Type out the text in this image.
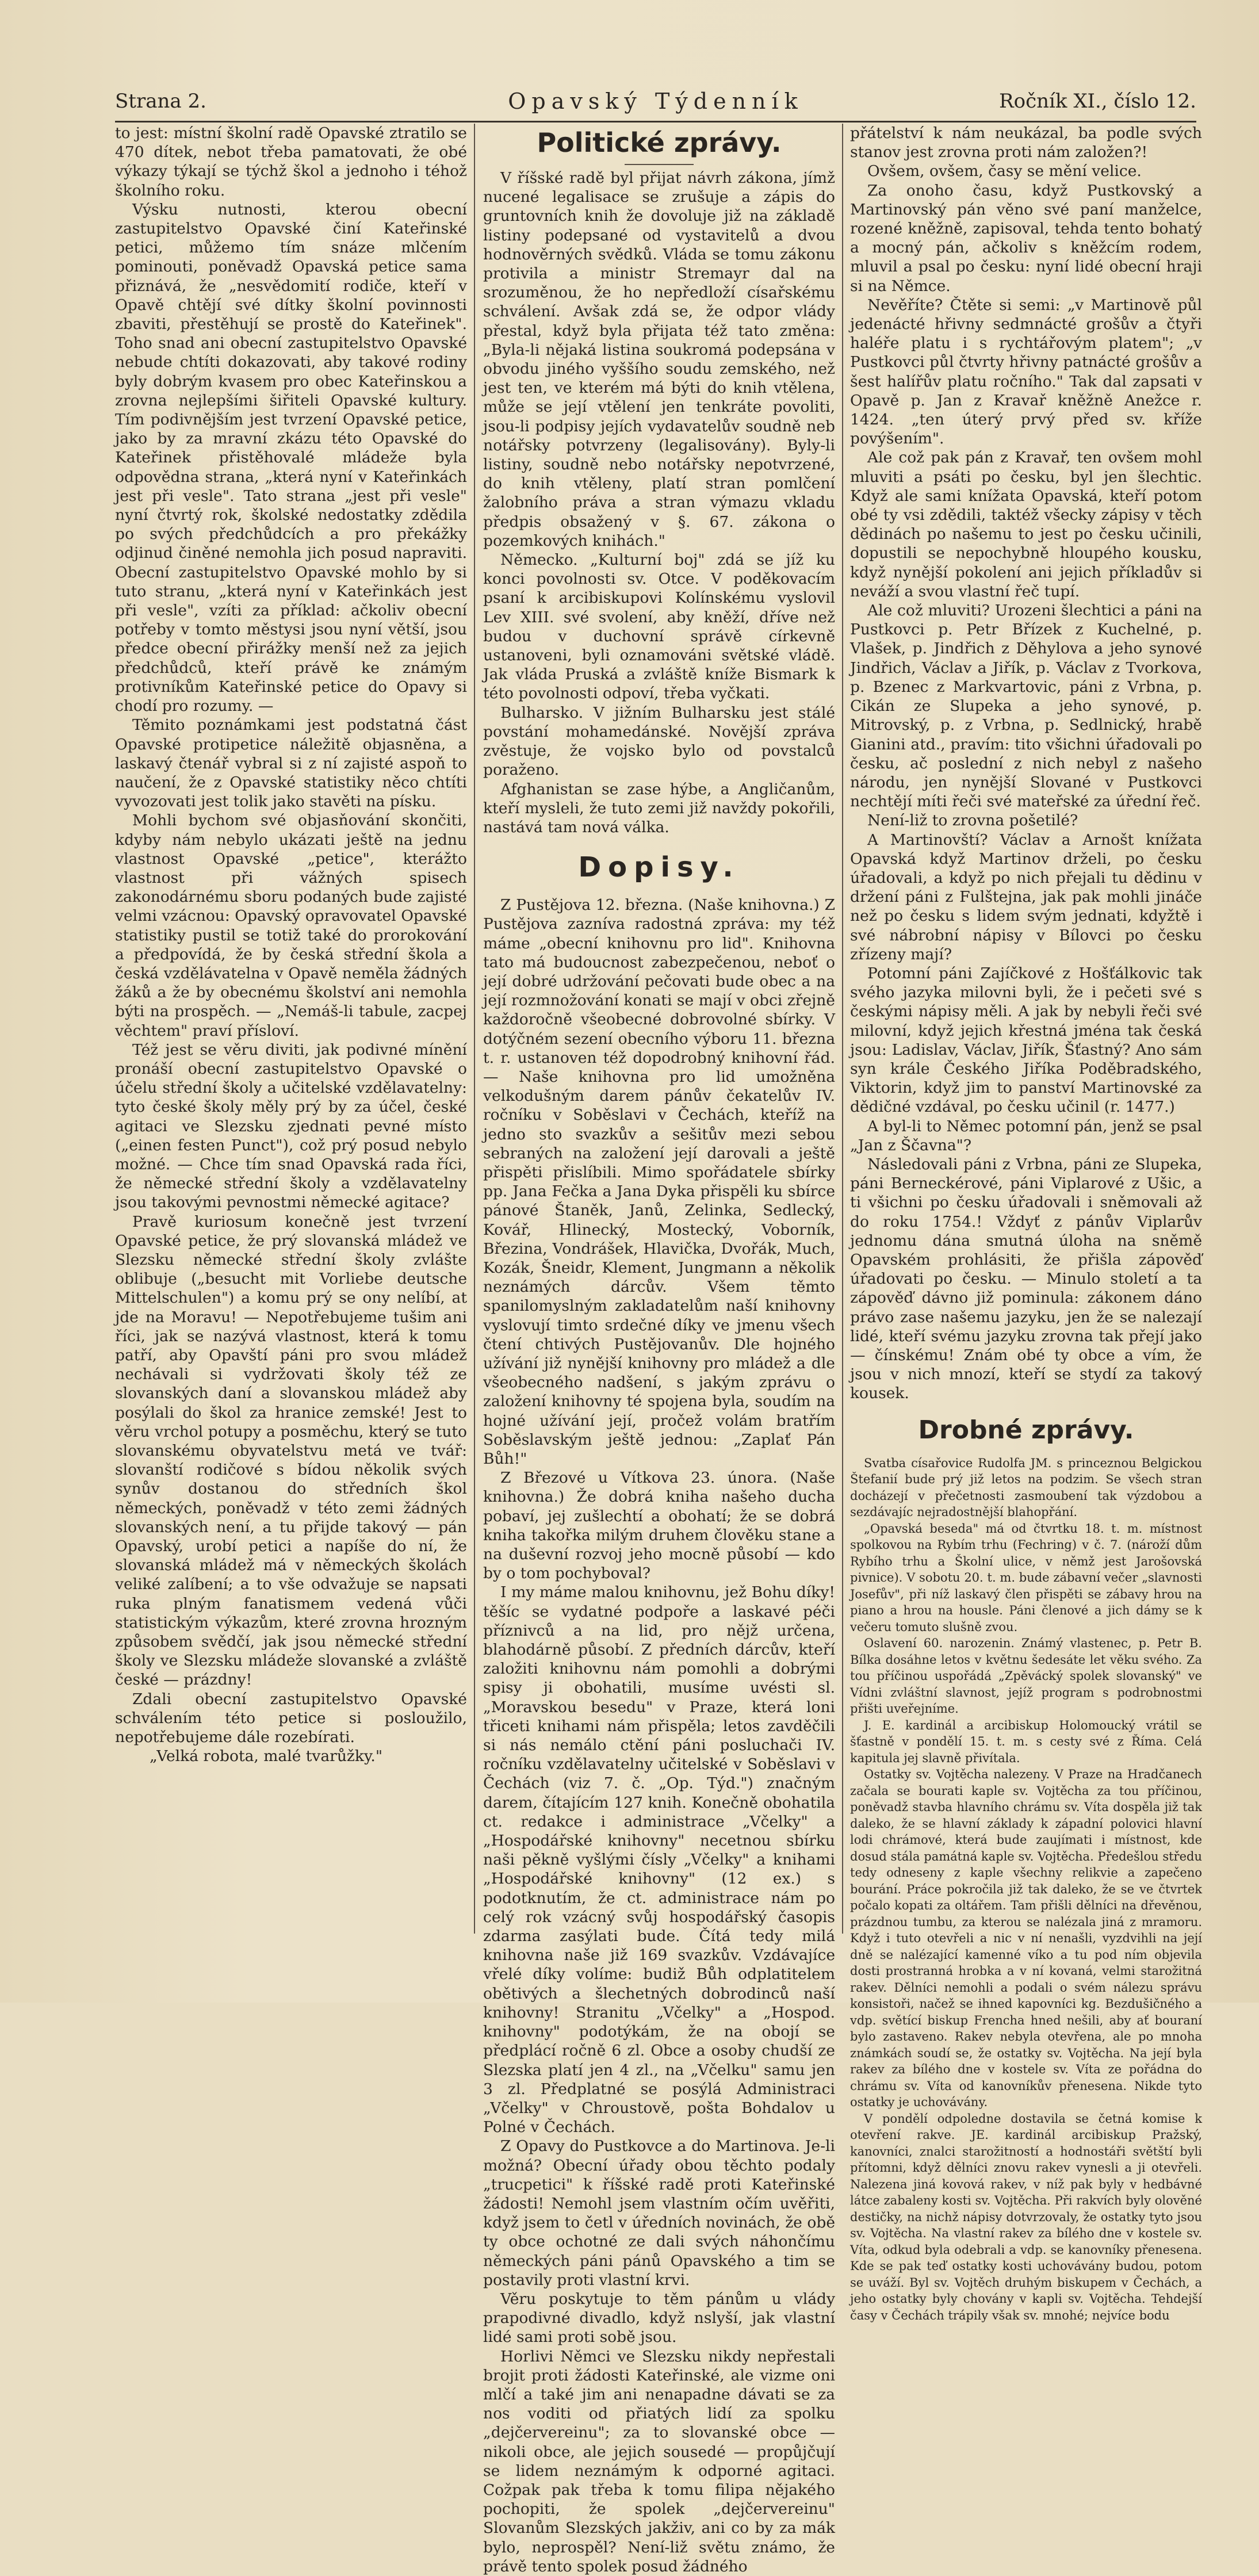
Strana 2.	Opavský Týdenník	Ročník XI., číslo 12.

to jest: místní školní radě Opavské ztratilo se 470 dítek, nebot třeba pamatovati, že obé výkazy týkají se týchž škol a jednoho i téhož školního roku.

Výsku nutnosti, kterou obecní zastupitelstvo Opavské činí Kateřinské petici, můžemo tím snáze mlčením pominouti, poněvadž Opavská petice sama přiznává, že „nesvědomití rodiče, kteří v Opavě chtějí své dítky školní povinnosti zbaviti, přestěhují se prostě do Kateřinek". Toho snad ani obecní zastupitelstvo Opavské nebude chtíti dokazovati, aby takové rodiny byly dobrým kvasem pro obec Kateřinskou a zrovna nejlepšími šiřiteli Opavské kultury. Tím podivnějším jest tvrzení Opavské petice, jako by za mravní zkázu této Opavské do Kateřinek přistěhovalé mládeže byla odpovědna strana, „která nyní v Kateřinkách jest při vesle". Tato strana „jest při vesle" nyní čtvrtý rok, školské nedostatky zdědila po svých předchůdcích a pro překážky odjinud činěné nemohla jich posud napraviti. Obecní zastupitelstvo Opavské mohlo by si tuto stranu, „která nyní v Kateřinkách jest při vesle", vzíti za příklad: ačkoliv obecní potřeby v tomto městysi jsou nyní větší, jsou předce obecní přirážky menší než za jejich předchůdců, kteří právě ke známým protivníkům Kateřinské petice do Opavy si chodí pro rozumy. —

Těmito poznámkami jest podstatná část Opavské protipetice náležitě objasněna, a laskavý čtenář vybral si z ní zajisté aspoň to naučení, že z Opavské statistiky něco chtíti vyvozovati jest tolik jako stavěti na písku.

Mohli bychom své objasňování skončiti, kdyby nám nebylo ukázati ještě na jednu vlastnost Opavské „petice", kterážto vlastnost při vážných spisech zakonodárnému sboru podaných bude zajisté velmi vzácnou: Opavský opravovatel Opavské statistiky pustil se totiž také do prorokování a předpovídá, že by česká střední škola a česká vzdělávatelna v Opavě neměla žádných žáků a že by obecnému školství ani nemohla býti na prospěch. — „Nemáš-li tabule, zacpej věchtem" praví přísloví.

Též jest se věru diviti, jak podivné mínění pronáší obecní zastupitelstvo Opavské o účelu střední školy a učitelské vzdělavatelny: tyto české školy měly prý by za účel, české agitaci ve Slezsku zjednati pevné místo („einen festen Punct"), což prý posud nebylo možné. — Chce tím snad Opavská rada říci, že německé střední školy a vzdělavatelny jsou takovými pevnostmi německé agitace?

Pravě kuriosum konečně jest tvrzení Opavské petice, že prý slovanská mládež ve Slezsku německé střední školy zvlášte oblibuje („besucht mit Vorliebe deutsche Mittelschulen") a komu prý se ony nelíbí, at jde na Moravu! — Nepotřebujeme tušim ani říci, jak se nazývá vlastnost, která k tomu patří, aby Opavští páni pro svou mládež nechávali si vydržovati školy též ze slovanských daní a slovanskou mládež aby posýlali do škol za hranice zemské! Jest to věru vrchol potupy a posměchu, který se tuto slovanskému obyvatelstvu metá ve tvář: slovanští rodičové s bídou několik svých synův dostanou do středních škol německých, poněvadž v této zemi žádných slovanských není, a tu přijde takový — pán Opavský, urobí petici a napíše do ní, že slovanská mládež má v německých školách veliké zalíbení; a to vše odvažuje se napsati ruka plným fanatismem vedená vůči statistickým výkazům, které zrovna hrozným způsobem svědčí, jak jsou německé střední školy ve Slezsku mládeže slovanské a zvláště české — prázdny!

Zdali obecní zastupitelstvo Opavské schválením této petice si posloužilo, nepotřebujeme dále rozebírati.

„Velká robota, malé tvarůžky."

Politické zprávy.

V říšské radě byl přijat návrh zákona, jímž nucené legalisace se zrušuje a zápis do gruntovních knih že dovoluje již na základě listiny podepsané od vystavitelů a dvou hodnověrných svědků. Vláda se tomu zákonu protivila a ministr Stremayr dal na srozuměnou, že ho nepředloží císařskému schválení. Avšak zdá se, že odpor vlády přestal, když byla přijata též tato změna: „Byla-li nějaká listina soukromá podepsána v obvodu jiného vyššího soudu zemského, než jest ten, ve kterém má býti do knih vtělena, může se její vtělení jen tenkráte povoliti, jsou-li podpisy jejích vydavatelův soudně neb notářsky potvrzeny (legalisovány). Byly-li listiny, soudně nebo notářsky nepotvrzené, do knih vtěleny, platí stran pomlčení žalobního práva a stran výmazu vkladu předpis obsažený v §. 67. zákona o pozemkových knihách."

Německo. „Kulturní boj" zdá se jíž ku konci povolnosti sv. Otce. V poděkovacím psaní k arcibiskupovi Kolínskému vyslovil Lev XIII. své svolení, aby kněží, dříve než budou v duchovní správě církevně ustanoveni, byli oznamováni světské vládě. Jak vláda Pruská a zvláště kníže Bismark k této povolnosti odpoví, třeba vyčkati.

Bulharsko. V jižním Bulharsku jest stálé povstání mohamedánské. Novější zprávа zvěstuje, že vojsko bylo od povstalců poraženo.

Afghanistan se zase hýbe, a Angličanům, kteří mysleli, že tuto zemi již navždy pokořili, nastává tam nová válka.

Dopisy.

Z Pustějova 12. března. (Naše knihovna.) Z Pustějova zazníva radostná zpráva: my též máme „obecní knihovnu pro lid". Knihovna tato má budoucnost zabezpečenou, neboť o její dobré udržování pečovati bude obec a na její rozmnožování konati se mají v obci zřejně každoročně všeobecné dobrovolné sbírky. V dotýčném sezení obecního výboru 11. března t. r. ustanoven též dopodrobný knihovní řád. — Naše knihovna pro lid umožněna velkodušným darem pánův čekatelův IV. ročníku v Soběslavi v Čechách, kteříž na jedno sto svazkův a sešitův mezi sebou sebraných na založení její darovali a ještě přispěti přislíbili. Mimo spořádatele sbírky pp. Jana Fečka a Jana Dyka přispěli ku sbírce pánové Štaněk, Janů, Zelinka, Sedlecký, Kovář, Hlinecký, Mostecký, Voborník, Březina, Vondrášek, Hlavička, Dvořák, Much, Kozák, Šneidr, Klement, Jungmann a několik neznámých dárcův. Všem těmto spanilomyslným zakladatelům naší knihovny vyslovují timto srdečné díky ve jmenu všech čtení chtivých Pustějovanův. Dle hojného užívání již nynější knihovny pro mládež a dle všeobecného nadšení, s jakým zprávu o založení knihovny té spojena byla, soudím na hojné užívání její, pročež volám bratřím Soběslavským ještě jednou: „Zaplať Pán Bůh!"

Z Březové u Vítkova 23. února. (Naše knihovna.) Že dobrá kniha našeho ducha pobaví, jej zušlechtí a obohatí; že se dobrá kniha takořka milým druhem člověku stane a na duševní rozvoj jeho mocně působí — kdo by o tom pochyboval?

I my máme malou knihovnu, jež Bohu díky! těšíc se vydatné podpoře a laskavé péči příznivců a na lid, pro nějž určena, blahodárně působí. Z předních dárcův, kteří založiti knihovnu nám pomohli a dobrými spisy ji obohatili, musíme uvésti sl. „Moravskou besedu" v Praze, která loni třiceti knihami nám přispěla; letos zavděčili si nás nemálo ctění páni posluchači IV. ročníku vzdělavatelny učitelské v Soběslavi v Čechách (viz 7. č. „Op. Týd.") značným darem, čítajícím 127 knih. Konečně obohatila ct. redakce i administrace „Včelky" a „Hospodářské knihovny" necetnou sbírku naši pěkně vyšlými čísly „Včelky" a knihami „Hospodářské knihovny" (12 ex.) s podotknutím, že ct. administrace nám po celý rok vzácný svůj hospodářský časopis zdarma zasýlati bude. Čítá tedy milá knihovna naše již 169 svazkův. Vzdávajíce vřelé díky volíme: budiž Bůh odplatitelem obětivých a šlechetných dobrodinců naší knihovny! Stranitu „Včelky" a „Hospod. knihovny" podotýkám, že na obojí se předplácí ročně 6 zl. Obce a osoby chudší ze Slezska platí jen 4 zl., na „Včelku" samu jen 3 zl. Předplatné se posýlá Administraci „Včelky" v Chroustově, pošta Bohdalov u Polné v Čechách.

Z Opavy do Pustkovce a do Martinova. Je-li možná? Obecní úřady obou těchto podaly „trucpetici" k říšské radě proti Kateřinské žádosti! Nemohl jsem vlastním očím uvěřiti, když jsem to četl v úředních novinách, že obě ty obce ochotné ze dali svých náhončímu německých páni pánů Opavského a tim se postavily proti vlastní krvi.

Věru poskytuje to těm pánům u vlády prapodivné divadlo, když nslyší, jak vlastní lidé sami proti sobě jsou.

Horlivi Němci ve Slezsku nikdy nepřestali brojit proti žádosti Kateřinské, ale vizme oni mlčí a také jim ani nenapadne dávati se za nos voditi od přiatých lidí za spolku „dejčervereinu"; za to slovanské obce — nikoli obce, ale jejich sousedé — propůjčují se lidem neznámým k odporné agitaci. Cožpak pak třeba k tomu filipa nějakého pochopiti, že spolek „dejčervereinu" Slovanům Slezských jakživ, ani co by za mák bylo, neprospěl? Není-liž světu známo, že právě tento spolek posud žádného

přátelství k nám neukázal, ba podle svých stanov jest zrovna proti nám založen?!

Ovšem, ovšem, časy se mění velice.

Za onoho času, když Pustkovský a Martinovský pán věno své paní manželce, rozené kněžně, zapisoval, tehda tento bohatý a mocný pán, ačkoliv s kněžcím rodem, mluvil a psal po česku: nyní lidé obecní hraji si na Němce.

Nevěříte? Čtěte si semi: „v Martinově půl jedenácté hřivny sedmnácté grošův a čtyři haléře platu i s rychtářovým platem"; „v Pustkovci půl čtvrty hřivny patnácté grošův a šest halířův platu ročního." Tak dal zapsati v Opavě p. Jan z Kravař kněžně Anežce r. 1424. „ten úterý prvý před sv. kříže povýšením".

Ale což pak pán z Kravař, ten ovšem mohl mluviti a psáti po česku, byl jen šlechtic. Když ale sami knížata Opavská, kteří potom obé ty vsi zdědili, taktéž všecky zápisy v těch dědinách po našemu to jest po česku učinili, dopustili se nepochybně hloupého kousku, když nynější pokolení ani jejich příkladův si neváží a svou vlastní řeč tupí.

Ale což mluviti? Urozeni šlechtici a páni na Pustkovci p. Petr Břízek z Kuchelné, p. Vlašek, p. Jindřich z Děhylova a jeho synové Jindřich, Václav a Jiřík, p. Václav z Tvorkova, p. Bzenec z Markvartovic, páni z Vrbna, p. Cikán ze Slupeka a jeho synové, p. Mitrovský, p. z Vrbna, p. Sedlnický, hrabě Gianini atd., pravím: tito všichni úřadovali po česku, ač poslední z nich nebyl z našeho národu, jen nynější Slované v Pustkovci nechtějí míti řeči své mateřské za úřední řeč.

Není-liž to zrovna pošetilé?

A Martinovští? Václav a Arnošt knížata Opavská když Martinov drželi, po česku úřadovali, a když po nich přejali tu dědinu v držení páni z Fulštejna, jak pak mohli jináče než po česku s lidem svým jednati, kdyžtě i své nábrobní nápisy v Bílovci po česku zřízeny mají?

Potomní páni Zajíčkové z Hošťálkovic tak svého jazyka milovni byli, že i pečeti své s českými nápisy měli. A jak by nebyli řeči své milovní, když jejich křestná jména tak česká jsou: Ladislav, Václav, Jiřík, Šťastný? Ano sám syn krále Českého Jiříka Poděbradského, Viktorin, když jim to panství Martinovské za dědičné vzdával, po česku učinil (r. 1477.)

A byl-li to Němec potomní pán, jenž se psal „Jan z Ščavna"?

Následovali páni z Vrbna, páni ze Slupeka, páni Berneckérové, páni Viplarové z Ušic, a ti všichni po česku úřadovali i sněmovali až do roku 1754.! Vždyť z pánův Viplarův jednomu dána smutná úloha na sněmě Opavském prohlásiti, že přišla zápověď úřadovati po česku. — Minulo století a ta zápověď dávno již pominula: zákonem dáno právo zase našemu jazyku, jen že se nalezají lidé, kteří svému jazyku zrovna tak přejí jako — čínskému! Znám obé ty obce a vím, že jsou v nich mnozí, kteří se stydí za takový kousek.

Drobné zprávy.

Svatba císařovice Rudolfa JM. s princeznou Belgickou Štefanií bude prý již letos na podzim. Se všech stran docházejí v přečetnosti zasmoubení tak výzdobou a sezdávajíc nejradostnější blahopřání.

„Opavská beseda" má od čtvrtku 18. t. m. místnost spolkovou na Rybím trhu (Fechring) v č. 7. (nároží dům Rybího trhu a Školní ulice, v němž jest Jarošovská pivnice). V sobotu 20. t. m. bude zábavní večer „slavnosti Josefův", při níž laskavý člen přispěti se zábavy hrou na piano a hrou na housle. Páni členové a jich dámy se k večeru tomuto slušně zvou.

Oslavení 60. narozenin. Známý vlastenec, p. Petr B. Bílka dosáhne letos v květnu šedesáte let věku svého. Za tou příčinou uspořádá „Zpěvácký spolek slovanský" ve Vídni zvláštní slavnost, jejíž program s podrobnostmi přišti uveřejníme.

J. E. kardinál a arcibiskup Holomoucký vrátil se šťastně v pondělí 15. t. m. s cesty své z Říma. Celá kapitula jej slavně přivítala.

Ostatky sv. Vojtěcha nalezeny. V Praze na Hradčanech začala se bourati kaple sv. Vojtěcha za tou příčinou, poněvadž stavba hlavního chrámu sv. Víta dospěla již tak daleko, že se hlavní základy k západní polovici hlavní lodi chrámové, která bude zaujímati i místnost, kde dosud stála památná kaple sv. Vojtěcha. Předešlou středu tedy odneseny z kaple všechny relikvie a zapečeno bourání. Práce pokročila již tak daleko, že se ve čtvrtek počalo kopati za oltářem. Tam přišli dělníci na dřevěnou, prázdnou tumbu, za kterou se nalézala jiná z mramoru. Když i tuto otevřeli a nic v ní nenašli, vyzdvihli na její dně se nalézající kamenné víko a tu pod ním objevila dosti prostranná hrobka a v ní kovaná, velmi starožitná rakev. Dělníci nemohli a podali o svém nálezu správu konsistoři, načež se ihned kapovníci kg. Bezdušičného a vdp. světící biskup Frencha hned nešili, aby ať bouraní bylo zastaveno. Rakev nebyla otevřena, ale po mnoha známkách soudí se, že ostatky sv. Vojtěcha. Na její byla rakev za bílého dne v kostele sv. Víta ze pořádna do chrámu sv. Víta od kanovníkův přenesena. Nikde tyto ostatky je uchovávány.

V pondělí odpoledne dostavila se četná komise k otevření rakve. JE. kardinál arcibiskup Pražský, kanovníci, znalci starožitností a hodnostáři světští byli přítomni, když dělníci znovu rakev vynesli a ji otevřeli. Nalezena jiná kovová rakev, v níž pak byly v hedbávné látce zabaleny kosti sv. Vojtěcha. Při rakvích byly olověné destičky, na nichž nápisy dotvrzovaly, že ostatky tyto jsou sv. Vojtěcha. Na vlastní rakev za bílého dne v kostele sv. Víta, odkud byla odebrali a vdp. se kanovníky přenesena. Kde se pak teď ostatky kosti uchovávány budou, potom se uváží. Byl sv. Vojtěch druhým biskupem v Čechách, a jeho ostatky byly chovány v kapli sv. Vojtěcha. Tehdejší časy v Čechách trápily však sv. mnohé; nejvíce bodu
